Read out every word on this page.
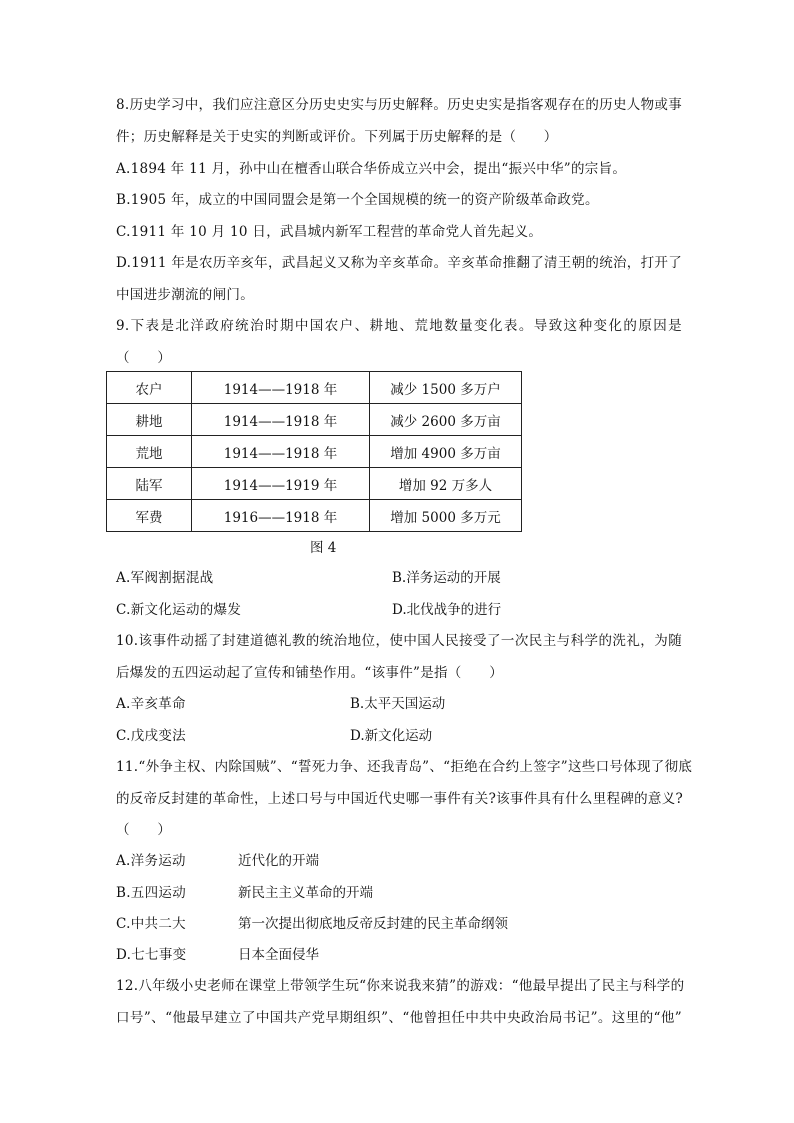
8.历史学习中，我们应注意区分历史史实与历史解释。历史史实是指客观存在的历史人物或事
件；历史解释是关于史实的判断或评价。下列属于历史解释的是（　　）
A.1894 年 11 月，孙中山在檀香山联合华侨成立兴中会，提出“振兴中华”的宗旨。
B.1905 年，成立的中国同盟会是第一个全国规模的统一的资产阶级革命政党。
C.1911 年 10 月 10 日，武昌城内新军工程营的革命党人首先起义。
D.1911 年是农历辛亥年，武昌起义又称为辛亥革命。辛亥革命推翻了清王朝的统治，打开了
中国进步潮流的闸门。
9.下表是北洋政府统治时期中国农户、耕地、荒地数量变化表。导致这种变化的原因是
（　　）
农户	1914——1918 年	减少 1500 多万户
耕地	1914——1918 年	减少 2600 多万亩
荒地	1914——1918 年	增加 4900 多万亩
陆军	1914——1919 年	增加 92 万多人
军费	1916——1918 年	增加 5000 多万元
图 4
A.军阀割据混战	B.洋务运动的开展
C.新文化运动的爆发	D.北伐战争的进行
10.该事件动摇了封建道德礼教的统治地位，使中国人民接受了一次民主与科学的洗礼，为随
后爆发的五四运动起了宣传和铺垫作用。“该事件”是指（　　）
A.辛亥革命	B.太平天国运动
C.戊戌变法	D.新文化运动
11.“外争主权、内除国贼”、“誓死力争、还我青岛”、“拒绝在合约上签字”这些口号体现了彻底
的反帝反封建的革命性，上述口号与中国近代史哪一事件有关?该事件具有什么里程碑的意义?
（　　）
A.洋务运动	近代化的开端
B.五四运动	新民主主义革命的开端
C.中共二大	第一次提出彻底地反帝反封建的民主革命纲领
D.七七事变	日本全面侵华
12.八年级小史老师在课堂上带领学生玩“你来说我来猜”的游戏：“他最早提出了民主与科学的
口号”、“他最早建立了中国共产党早期组织”、“他曾担任中共中央政治局书记”。这里的“他”
